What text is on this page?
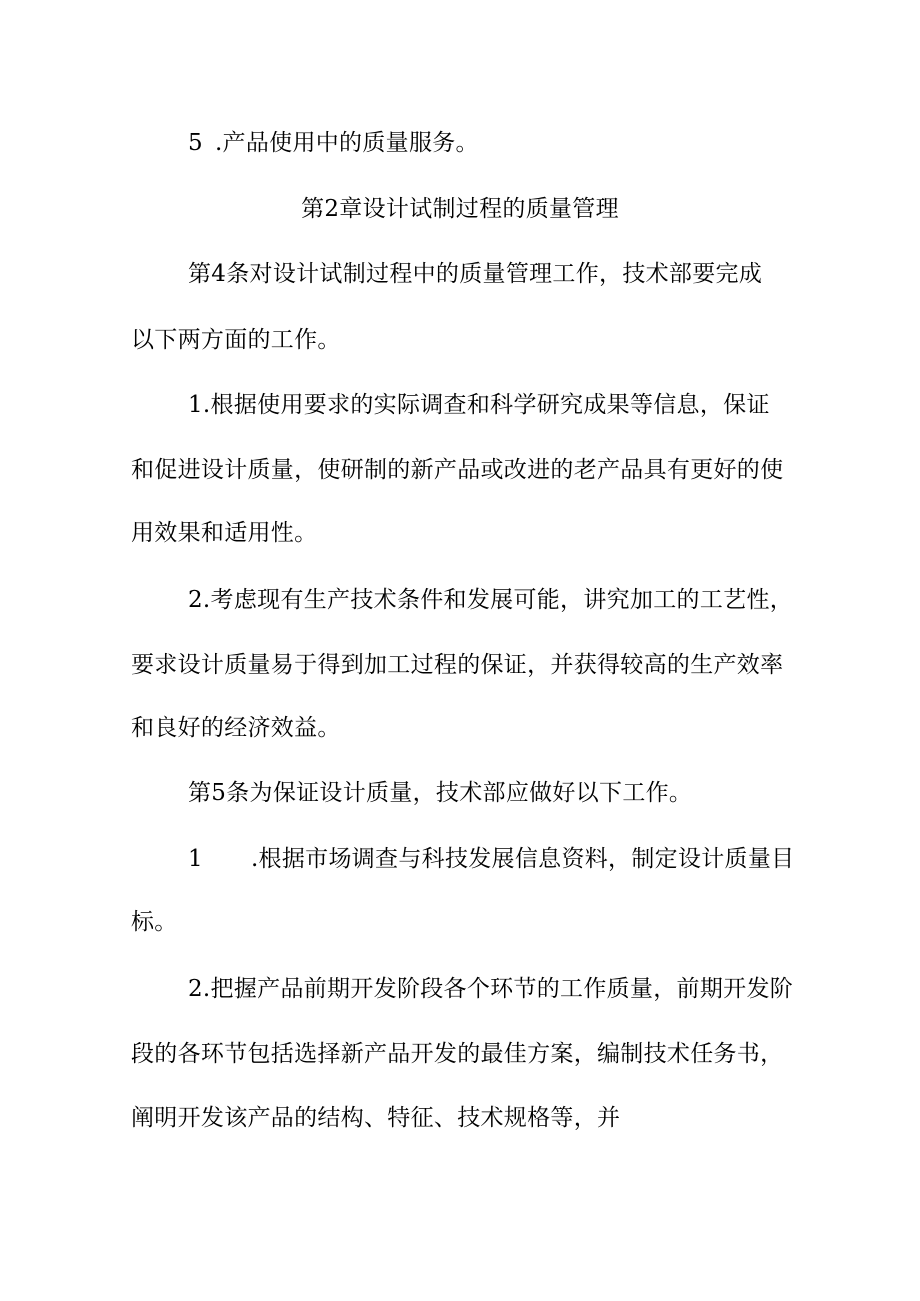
5 .产品使用中的质量服务。
第2章设计试制过程的质量管理
第4条对设计试制过程中的质量管理工作，技术部要完成
以下两方面的工作。
1.根据使用要求的实际调查和科学研究成果等信息，保证
和促进设计质量，使研制的新产品或改进的老产品具有更好的使
用效果和适用性。
2.考虑现有生产技术条件和发展可能，讲究加工的工艺性，
要求设计质量易于得到加工过程的保证，并获得较高的生产效率
和良好的经济效益。
第5条为保证设计质量，技术部应做好以下工作。
1 .根据市场调查与科技发展信息资料，制定设计质量目
标。
2.把握产品前期开发阶段各个环节的工作质量，前期开发阶
段的各环节包括选择新产品开发的最佳方案，编制技术任务书，
阐明开发该产品的结构、特征、技术规格等，并
